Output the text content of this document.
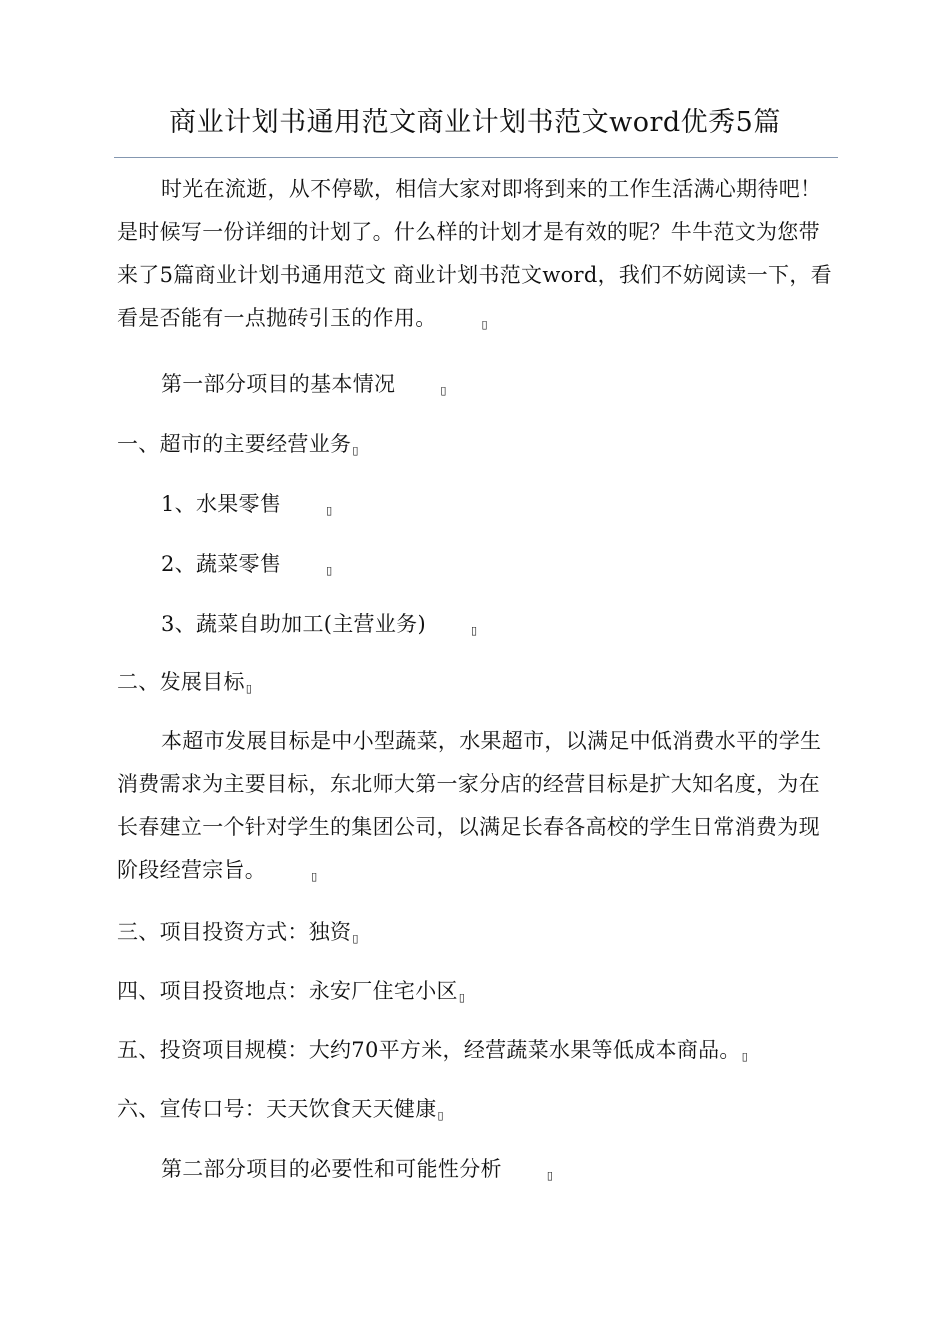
商业计划书通用范文商业计划书范文word优秀5篇

时光在流逝，从不停歇，相信大家对即将到来的工作生活满心期待吧！是时候写一份详细的计划了。什么样的计划才是有效的呢？牛牛范文为您带来了5篇商业计划书通用范文 商业计划书范文word，我们不妨阅读一下，看看是否能有一点抛砖引玉的作用。	▯

第一部分项目的基本情况	▯

一、超市的主要经营业务▯

1、水果零售	▯

2、蔬菜零售	▯

3、蔬菜自助加工(主营业务)	▯

二、发展目标▯

本超市发展目标是中小型蔬菜，水果超市，以满足中低消费水平的学生消费需求为主要目标，东北师大第一家分店的经营目标是扩大知名度，为在长春建立一个针对学生的集团公司，以满足长春各高校的学生日常消费为现阶段经营宗旨。	▯

三、项目投资方式：独资▯

四、项目投资地点：永安厂住宅小区▯

五、投资项目规模：大约70平方米，经营蔬菜水果等低成本商品。▯

六、宣传口号：天天饮食天天健康▯

第二部分项目的必要性和可能性分析	▯
